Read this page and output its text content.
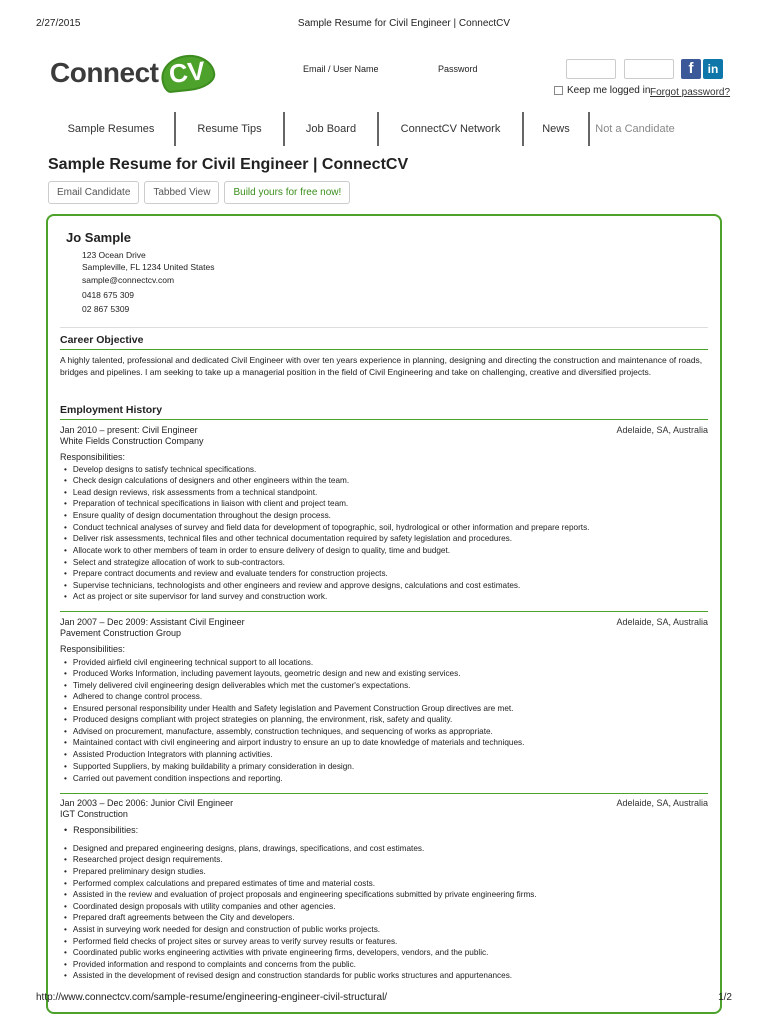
2/27/2015	Sample Resume for Civil Engineer | ConnectCV
Connect CV	Email / User Name	Password	f	in
Keep me logged in Forgot password?
Sample Resumes	Resume Tips	Job Board	ConnectCV Network	News	Not a Candidate
Sample Resume for Civil Engineer | ConnectCV
Email Candidate	Tabbed View	Build yours for free now!
Jo Sample
123 Ocean Drive
Sampleville, FL 1234 United States
sample@connectcv.com
0418 675 309
02 867 5309
Career Objective
A highly talented, professional and dedicated Civil Engineer with over ten years experience in planning, designing and directing the construction and maintenance of roads, bridges and pipelines. I am seeking to take up a managerial position in the field of Civil Engineering and take on challenging, creative and diversified projects.
Employment History
Jan 2010 – present: Civil Engineer	Adelaide, SA, Australia
White Fields Construction Company
Responsibilities:
• Develop designs to satisfy technical specifications.
• Check design calculations of designers and other engineers within the team.
• Lead design reviews, risk assessments from a technical standpoint.
• Preparation of technical specifications in liaison with client and project team.
• Ensure quality of design documentation throughout the design process.
• Conduct technical analyses of survey and field data for development of topographic, soil, hydrological or other information and prepare reports.
• Deliver risk assessments, technical files and other technical documentation required by safety legislation and procedures.
• Allocate work to other members of team in order to ensure delivery of design to quality, time and budget.
• Select and strategize allocation of work to sub-contractors.
• Prepare contract documents and review and evaluate tenders for construction projects.
• Supervise technicians, technologists and other engineers and review and approve designs, calculations and cost estimates.
• Act as project or site supervisor for land survey and construction work.
Jan 2007 – Dec 2009: Assistant Civil Engineer	Adelaide, SA, Australia
Pavement Construction Group
Responsibilities:
• Provided airfield civil engineering technical support to all locations.
• Produced Works Information, including pavement layouts, geometric design and new and existing services.
• Timely delivered civil engineering design deliverables which met the customer's expectations.
• Adhered to change control process.
• Ensured personal responsibility under Health and Safety legislation and Pavement Construction Group directives are met.
• Produced designs compliant with project strategies on planning, the environment, risk, safety and quality.
• Advised on procurement, manufacture, assembly, construction techniques, and sequencing of works as appropriate.
• Maintained contact with civil engineering and airport industry to ensure an up to date knowledge of materials and techniques.
• Assisted Production Integrators with planning activities.
• Supported Suppliers, by making buildability a primary consideration in design.
• Carried out pavement condition inspections and reporting.
Jan 2003 – Dec 2006: Junior Civil Engineer	Adelaide, SA, Australia
IGT Construction
• Responsibilities:
• Designed and prepared engineering designs, plans, drawings, specifications, and cost estimates.
• Researched project design requirements.
• Prepared preliminary design studies.
• Performed complex calculations and prepared estimates of time and material costs.
• Assisted in the review and evaluation of project proposals and engineering specifications submitted by private engineering firms.
• Coordinated design proposals with utility companies and other agencies.
• Prepared draft agreements between the City and developers.
• Assist in surveying work needed for design and construction of public works projects.
• Performed field checks of project sites or survey areas to verify survey results or features.
• Coordinated public works engineering activities with private engineering firms, developers, vendors, and the public.
• Provided information and respond to complaints and concerns from the public.
• Assisted in the development of revised design and construction standards for public works structures and appurtenances.
http://www.connectcv.com/sample-resume/engineering-engineer-civil-structural/	1/2
